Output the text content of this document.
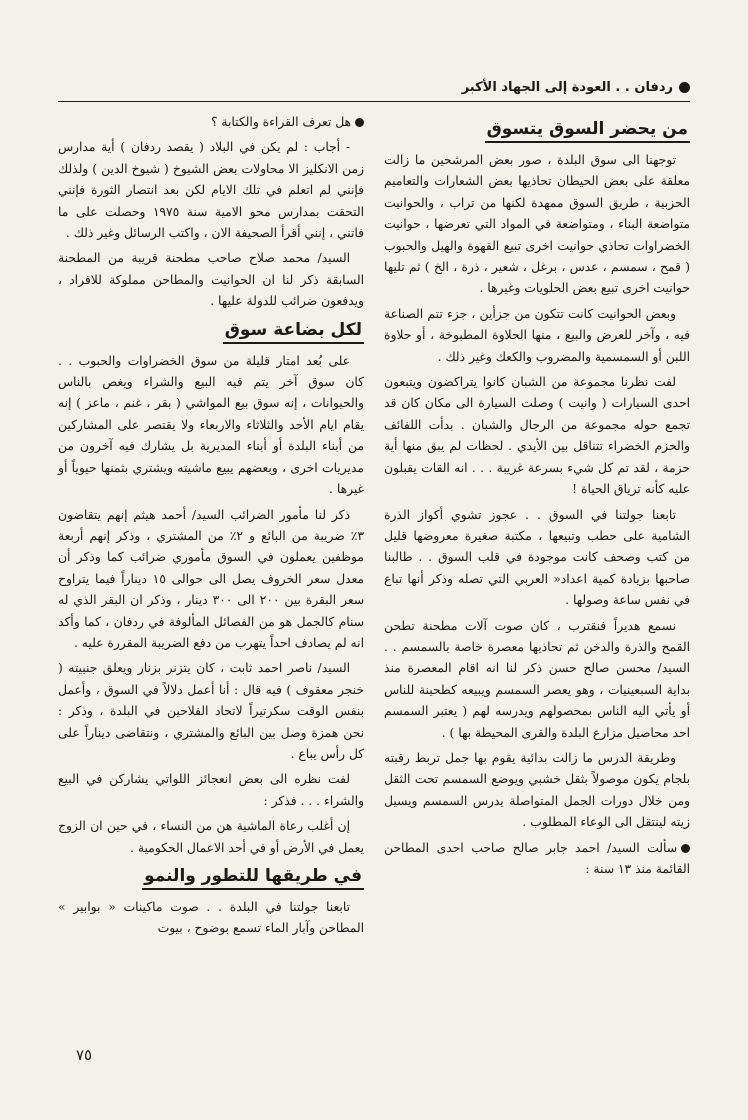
ردفان . . العودة إلى الجهاد الأكبر
من يحضر السوق يتسوق

توجهنا الى سوق البلدة ، صور بعض المرشحين ما زالت معلقة على بعض الحيطان تحاذيها بعض الشعارات والتعاميم الحزبية ، طريق السوق ممهدة لكنها من تراب ، والحوانيت متواضعة البناء ، ومتواضعة في المواد التي تعرضها ، حوانيت الخضراوات تحاذي حوانيت اخرى تبيع القهوة والهيل والحبوب ( قمح ، سمسم ، عدس ، برغل ، شعير ، ذرة ، الخ ) ثم تليها حوانيت اخرى تبيع بعض الحلويات وغيرها .

وبعض الحوانيت كانت تتكون من جزأين ، جزء تتم الصناعة فيه ، وآخر للعرض والبيع ، منها الحلاوة المطبوخة ، أو حلاوة اللبن أو السمسمية والمضروب والكعك وغير ذلك .

لفت نظرنا مجموعة من الشبان كانوا يتراكضون ويتبعون احدى السيارات ( وانيت ) وصلت السيارة الى مكان كان قد تجمع حوله مجموعة من الرجال والشبان . بدأت اللفائف والحزم الخضراء تتناقل بين الأيدي . لحظات لم يبق منها أية حزمة ، لقد تم كل شيء بسرعة غريبة . . . انه القات يقبلون عليه كأنه ترياق الحياة !

تابعنا جولتنا في السوق . . عجوز تشوي أكواز الذرة الشامية على حطب وتبيعها ، مكتبة صغيرة معروضها قليل من كتب وصحف كانت موجودة في قلب السوق . . طالبنا صاحبها بزيادة كمية اعداد« العربي التي تصله وذكر أنها تباع في نفس ساعة وصولها .

نسمع هديراً فنقترب ، كان صوت آلات مطحنة تطحن القمح والذرة والدخن ثم تحاذيها معصرة خاصة بالسمسم . . السيد/ محسن صالح حسن ذكر لنا انه اقام المعصرة منذ بداية السبعينيات ، وهو يعصر السمسم ويبيعه كطحينة للناس أو يأتي اليه الناس بمحصولهم ويدرسه لهم ( يعتبر السمسم احد محاصيل مزارع البلدة والقرى المحيطة بها ) .

وطريقة الدرس ما زالت بدائية يقوم بها جمل تربط رقبته بلجام يكون موصولاً بثقل خشبي ويوضع السمسم تحت الثقل ومن خلال دورات الجمل المتواصلة يدرس السمسم ويسيل زيته لينتقل الى الوعاء المطلوب .

سألت السيد/ احمد جابر صالح صاحب احدى المطاحن القائمة منذ ١٣ سنة :

هل تعرف القراءة والكتابة ؟

- أجاب : لم يكن في البلاد ( يقصد ردفان ) أية مدارس زمن الانكليز الا محاولات بعض الشيوخ ( شيوخ الدين ) ولذلك فإنني لم اتعلم في تلك الايام لكن بعد انتصار الثورة فإنني التحقت بمدارس محو الامية سنة ١٩٧٥ وحصلت على ما فاتني ، إنني أقرأ الصحيفة الان ، واكتب الرسائل وغير ذلك .

السيد/ محمد صلاح صاحب مطحنة قريبة من المطحنة السابقة ذكر لنا ان الحوانيت والمطاحن مملوكة للافراد ، ويدفعون ضرائب للدولة عليها .

لكل بضاعة سوق

على بُعد امتار قليلة من سوق الخضراوات والحبوب . . كان سوق آخر يتم فيه البيع والشراء ويغص بالناس والحيوانات ، إنه سوق بيع المواشي ( بقر ، غنم ، ماعز ) إنه يقام ايام الأحد والثلاثاء والاربعاء ولا يقتصر على المشاركين من أبناء البلدة أو أبناء المديرية بل يشارك فيه آخرون من مديريات اخرى ، وبعضهم يبيع ماشيته ويشتري بثمنها حيوياً أو غيرها .

ذكر لنا مأمور الضرائب السيد/ أحمد هيثم إنهم يتقاضون ٣٪ ضريبة من البائع و ٢٪ من المشتري ، وذكر إنهم أربعة موظفين يعملون في السوق مأموري ضرائب كما وذكر أن معدل سعر الخروف يصل الى حوالى ١٥ ديناراً فيما يتراوح سعر البقرة بين ٢٠٠ الى ٣٠٠ دينار ، وذكر ان البقر الذي له سنام كالجمل هو من الفصائل المألوفة في ردفان ، كما وأكد انه لم يصادف احداً يتهرب من دفع الضريبة المقررة عليه .

السيد/ ناصر احمد ثابت ، كان يتزنر بزنار ويعلق جنبيته ( خنجر معقوف ) فيه قال : أنا أعمل دلالاً في السوق ، وأعمل بنفس الوقت سكرتيراً لاتحاد الفلاحين في البلدة ، وذكر : نحن همزة وصل بين البائع والمشتري ، ونتقاضى ديناراً على كل رأس يباع .

لفت نظره الى بعض انعجائز اللواتي يشاركن في البيع والشراء . . . فذكر :

إن أغلب رعاة الماشية هن من النساء ، في حين ان الزوج يعمل في الأرض أو في أحد الاعمال الحكومية .

في طريقها للتطور والنمو

تابعنا جولتنا في البلدة . . صوت ماكينات « بوابير » المطاحن وآبار الماء تسمع بوضوح ، بيوت

٧٥
